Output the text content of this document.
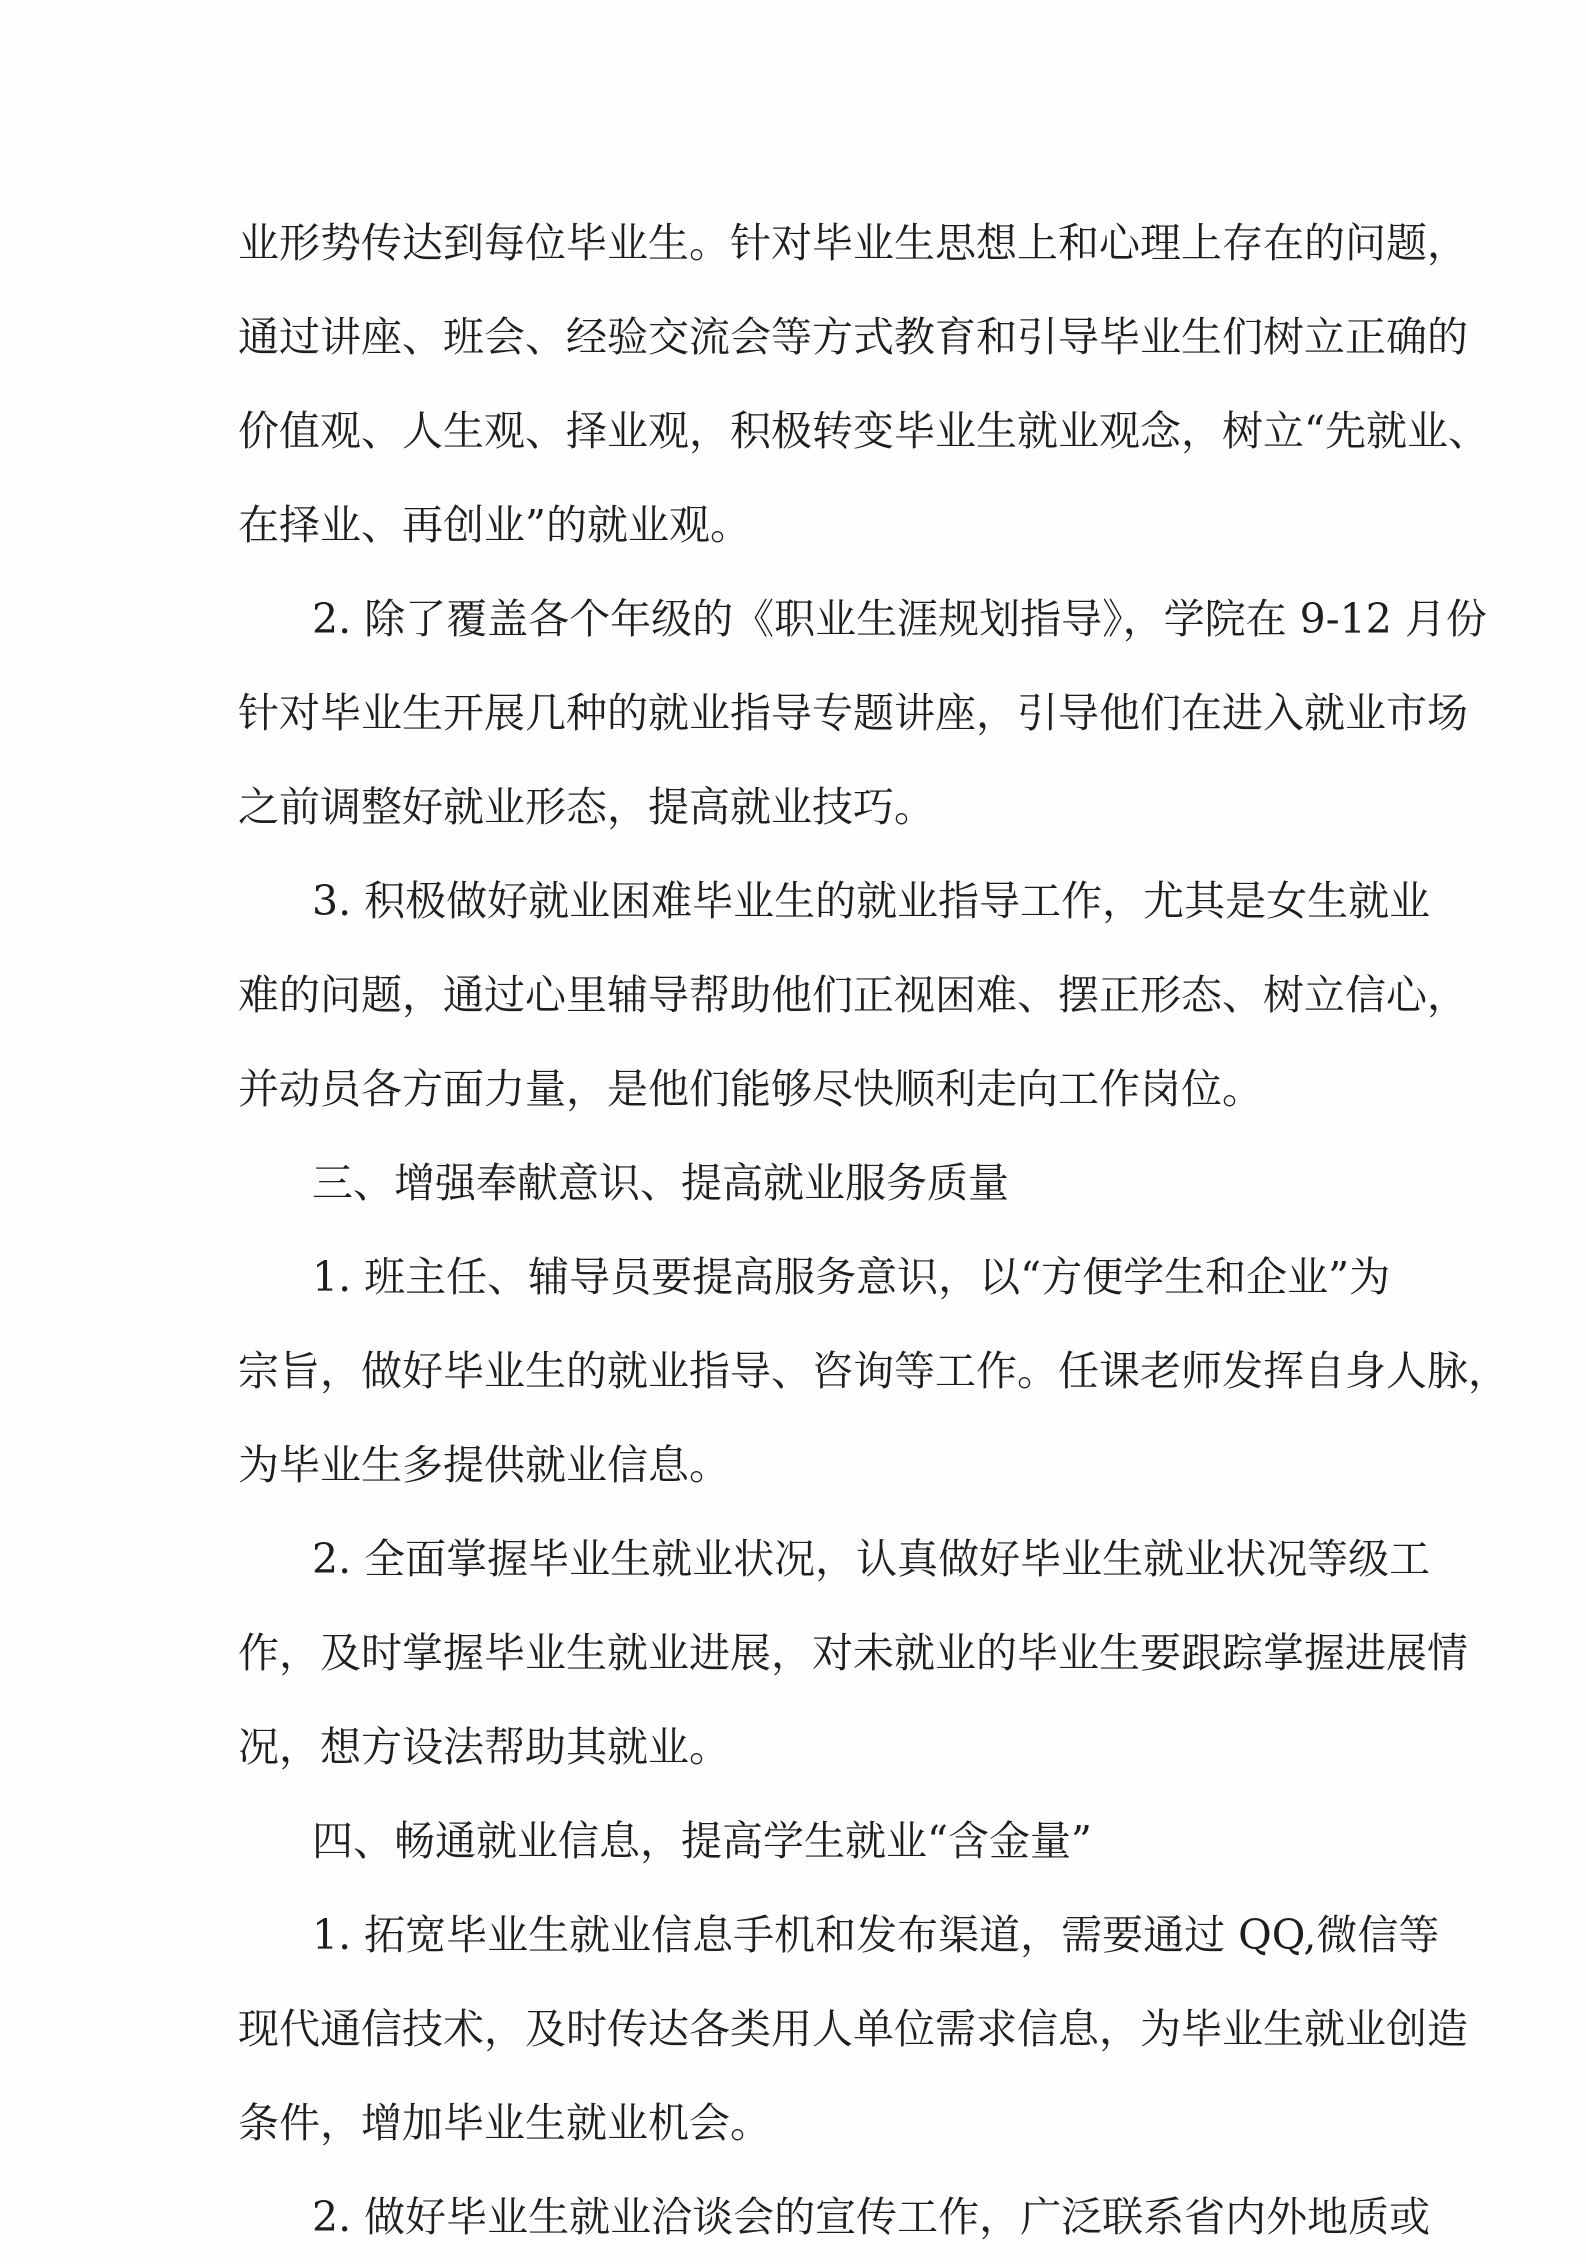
业形势传达到每位毕业生。针对毕业生思想上和心理上存在的问题，
通过讲座、班会、经验交流会等方式教育和引导毕业生们树立正确的
价值观、人生观、择业观，积极转变毕业生就业观念，树立“先就业、
在择业、再创业”的就业观。
2. 除了覆盖各个年级的《职业生涯规划指导》，学院在 9-12 月份
针对毕业生开展几种的就业指导专题讲座，引导他们在进入就业市场
之前调整好就业形态，提高就业技巧。
3. 积极做好就业困难毕业生的就业指导工作，尤其是女生就业
难的问题，通过心里辅导帮助他们正视困难、摆正形态、树立信心，
并动员各方面力量，是他们能够尽快顺利走向工作岗位。
三、增强奉献意识、提高就业服务质量
1. 班主任、辅导员要提高服务意识，以“方便学生和企业”为
宗旨，做好毕业生的就业指导、咨询等工作。任课老师发挥自身人脉，
为毕业生多提供就业信息。
2. 全面掌握毕业生就业状况，认真做好毕业生就业状况等级工
作，及时掌握毕业生就业进展，对未就业的毕业生要跟踪掌握进展情
况，想方设法帮助其就业。
四、畅通就业信息，提高学生就业“含金量”
1. 拓宽毕业生就业信息手机和发布渠道，需要通过 QQ,微信等
现代通信技术，及时传达各类用人单位需求信息，为毕业生就业创造
条件，增加毕业生就业机会。
2. 做好毕业生就业洽谈会的宣传工作，广泛联系省内外地质或
